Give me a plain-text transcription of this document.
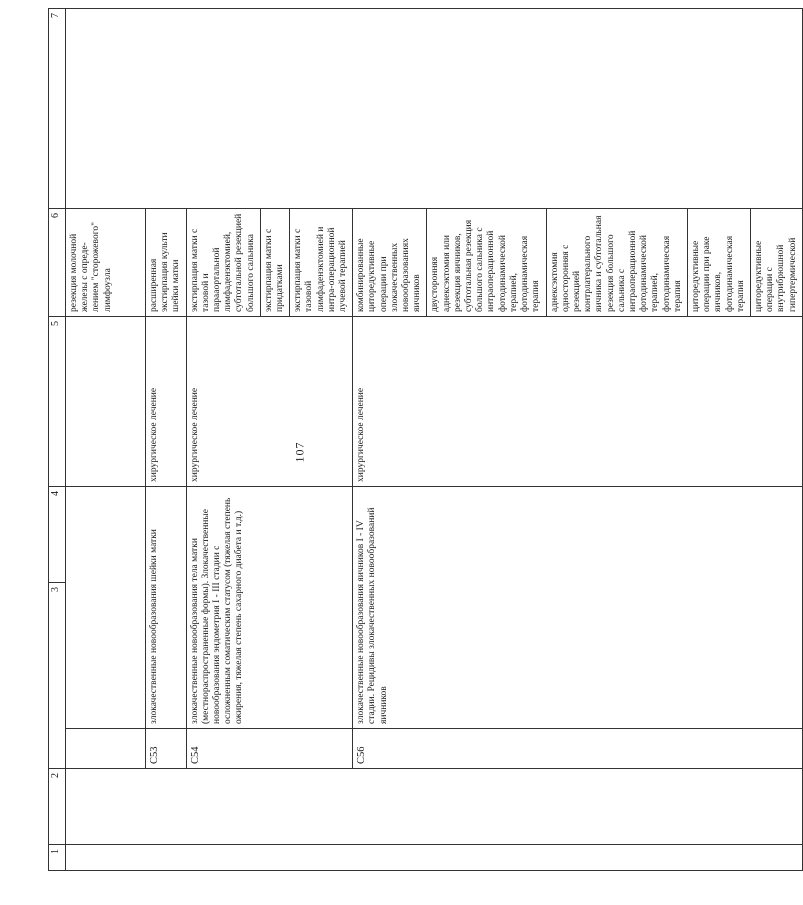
107
1	2	3		4	5	6	7
						резекция молочной железы с опреде-лением "сторожевого" лимфоузла	
		C53	злокачественные новообразования шейки матки		хирургическое лечение	расширенная экстирпация культи шейки матки	
		C54	злокачественные новообразования тела матки (местнораспространенные формы). Злокачественные новообразования эндометрия I - III стадии с осложненным соматическим статусом (тяжелая степень ожирения, тяжелая степень сахарного диабета и т.д.)		хирургическое лечение	экстирпация матки с тазовой и парааортальной лимфаденэктомией, субтотальной резекцией большого сальника	
						экстирпация матки с придатками	
						экстирпация матки с тазовой лимфаденэктомией и интра-операционной лучевой терапией	
		C56	злокачественные новообразования яичников I - IV стадии. Рецидивы злокачественных новообразований яичников		хирургическое лечение	комбинированные циторедуктивные операции при злокачественных новообразованиях яичников	
						двусторонняя аднексэктомия или резекция яичников, субтотальная резекция большого сальника с интраоперационной фотодинамической терапией, фотодинамическая терапия	
						аднексэктомия односторонняя с резекцией контрлатерального яичника и субтотальная резекция большого сальника с интраоперационной фотодинамической терапией, фотодинамическая терапия	
						циторедуктивные операции при раке яичников, фотодинамическая терапия	
						циторедуктивные операции с внутрибрюшной гипертермической	
